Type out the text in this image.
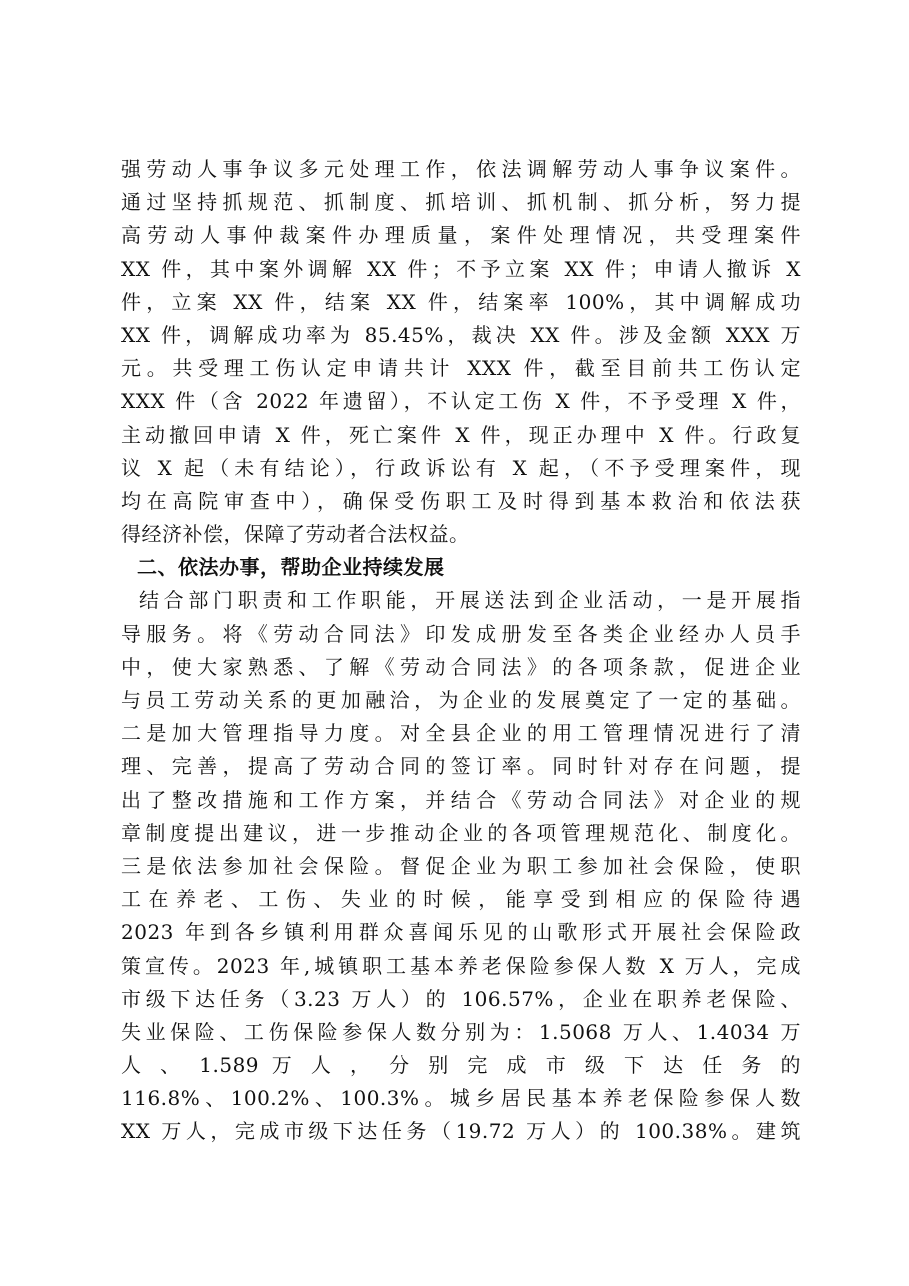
强劳动人事争议多元处理工作，依法调解劳动人事争议案件。
通过坚持抓规范、抓制度、抓培训、抓机制、抓分析，努力提
高劳动人事仲裁案件办理质量，案件处理情况，共受理案件
XX 件，其中案外调解 XX 件；不予立案 XX 件；申请人撤诉 X
件，立案 XX 件，结案 XX 件，结案率 100%，其中调解成功
XX 件，调解成功率为 85.45%，裁决 XX 件。涉及金额 XXX 万
元。共受理工伤认定申请共计 XXX 件，截至目前共工伤认定
XXX 件（含 2022 年遗留），不认定工伤 X 件，不予受理 X 件，
主动撤回申请 X 件，死亡案件 X 件，现正办理中 X 件。行政复
议 X 起（未有结论），行政诉讼有 X 起，（不予受理案件，现
均在高院审查中），确保受伤职工及时得到基本救治和依法获
得经济补偿，保障了劳动者合法权益。
二、依法办事，帮助企业持续发展
结合部门职责和工作职能，开展送法到企业活动，一是开展指
导服务。将《劳动合同法》印发成册发至各类企业经办人员手
中，使大家熟悉、了解《劳动合同法》的各项条款，促进企业
与员工劳动关系的更加融洽，为企业的发展奠定了一定的基础。
二是加大管理指导力度。对全县企业的用工管理情况进行了清
理、完善，提高了劳动合同的签订率。同时针对存在问题，提
出了整改措施和工作方案，并结合《劳动合同法》对企业的规
章制度提出建议，进一步推动企业的各项管理规范化、制度化。
三是依法参加社会保险。督促企业为职工参加社会保险，使职
工在养老、工伤、失业的时候，能享受到相应的保险待遇
2023 年到各乡镇利用群众喜闻乐见的山歌形式开展社会保险政
策宣传。2023 年,城镇职工基本养老保险参保人数 X 万人，完成
市级下达任务（3.23 万人）的 106.57%，企业在职养老保险、
失业保险、工伤保险参保人数分别为：1.5068 万人、1.4034 万
人 、 1.589 万 人 ， 分 别 完 成 市 级 下 达 任 务 的
116.8%、100.2%、100.3%。城乡居民基本养老保险参保人数
XX 万人，完成市级下达任务（19.72 万人）的 100.38%。建筑
